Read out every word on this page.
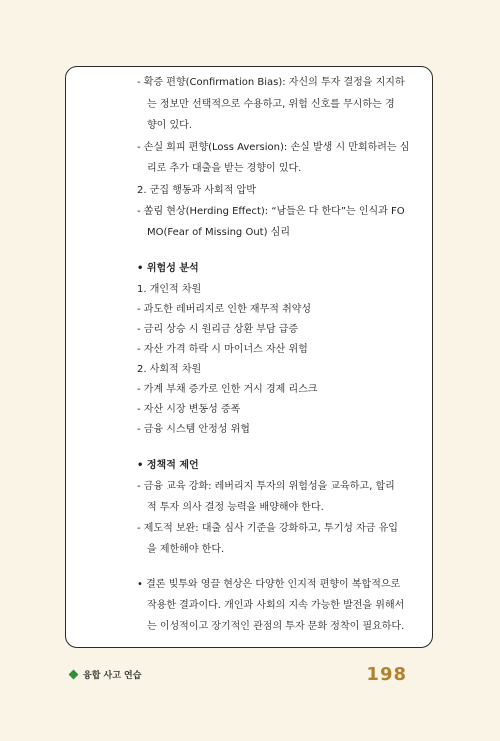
- 확증 편향(Confirmation Bias): 자신의 투자 결정을 지지하
는 정보만 선택적으로 수용하고, 위험 신호를 무시하는 경
향이 있다.
- 손실 회피 편향(Loss Aversion): 손실 발생 시 만회하려는 심
리로 추가 대출을 받는 경향이 있다.
2. 군집 행동과 사회적 압박
- 쏠림 현상(Herding Effect): “남들은 다 한다”는 인식과 FO
MO(Fear of Missing Out) 심리
• 위험성 분석
1. 개인적 차원
- 과도한 레버리지로 인한 재무적 취약성
- 금리 상승 시 원리금 상환 부담 급증
- 자산 가격 하락 시 마이너스 자산 위험
2. 사회적 차원
- 가계 부채 증가로 인한 거시 경제 리스크
- 자산 시장 변동성 증폭
- 금융 시스템 안정성 위협
• 정책적 제언
- 금융 교육 강화: 레버리지 투자의 위험성을 교육하고, 합리
적 투자 의사 결정 능력을 배양해야 한다.
- 제도적 보완: 대출 심사 기준을 강화하고, 투기성 자금 유입
을 제한해야 한다.
• 결론 빚투와 영끌 현상은 다양한 인지적 편향이 복합적으로
작용한 결과이다. 개인과 사회의 지속 가능한 발전을 위해서
는 이성적이고 장기적인 관점의 투자 문화 정착이 필요하다.
융합 사고 연습	198
